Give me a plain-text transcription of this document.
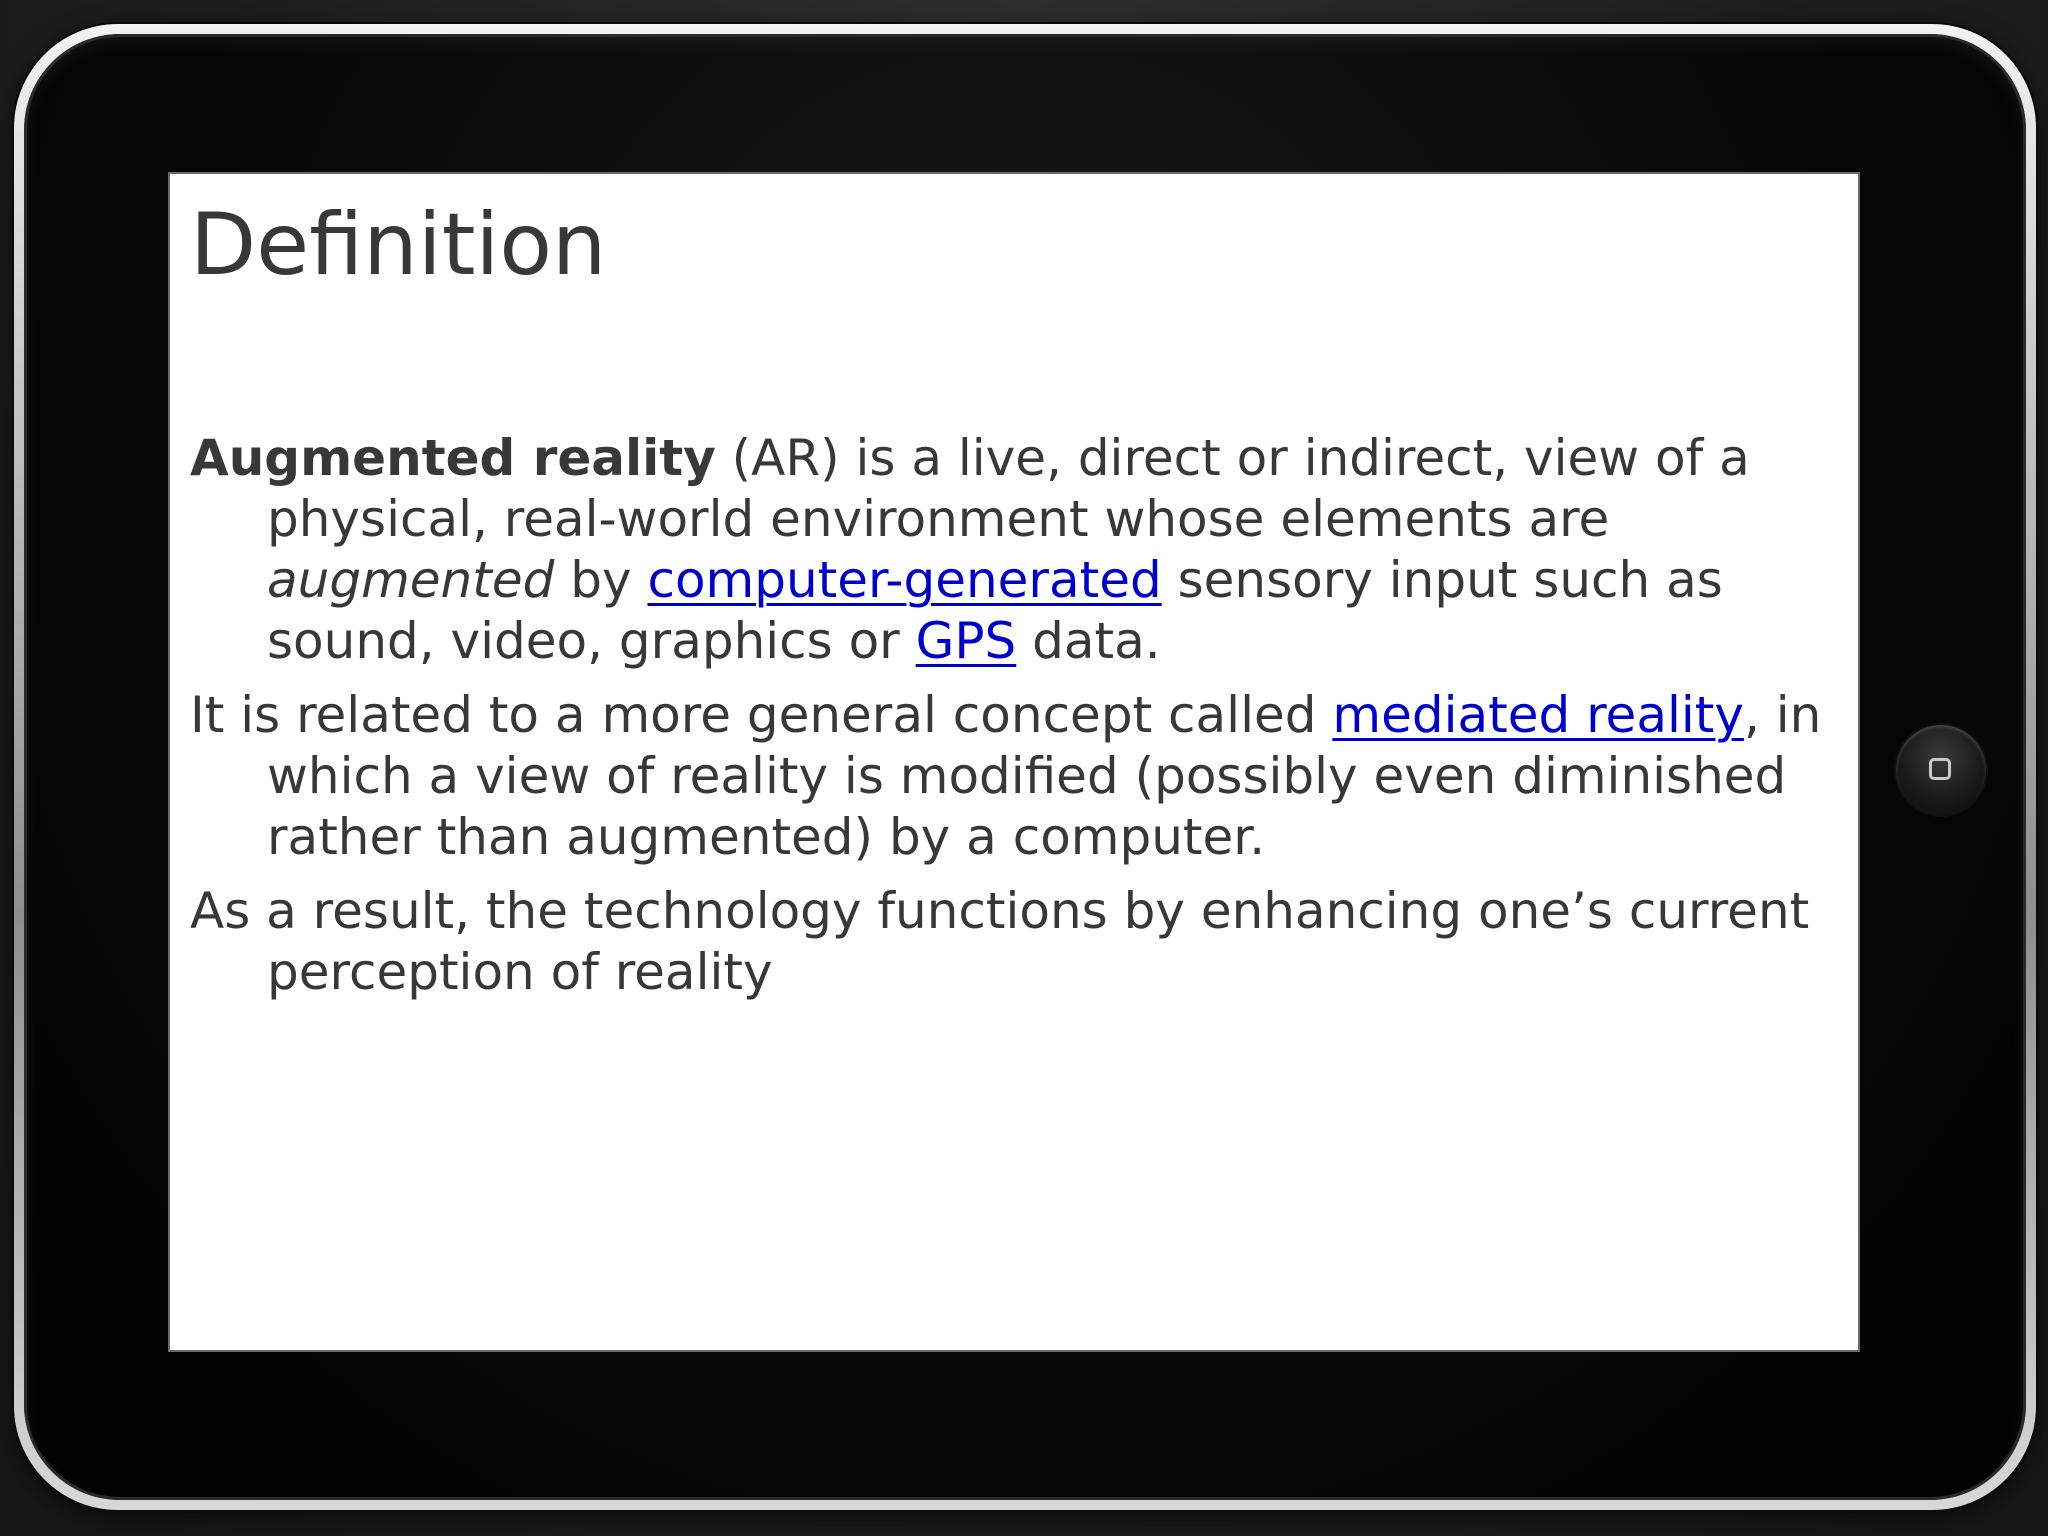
Definition

Augmented reality (AR) is a live, direct or indirect, view of a physical, real-world environment whose elements are augmented by computer-generated sensory input such as sound, video, graphics or GPS data.

It is related to a more general concept called mediated reality, in which a view of reality is modified (possibly even diminished rather than augmented) by a computer.

As a result, the technology functions by enhancing one’s current perception of reality
